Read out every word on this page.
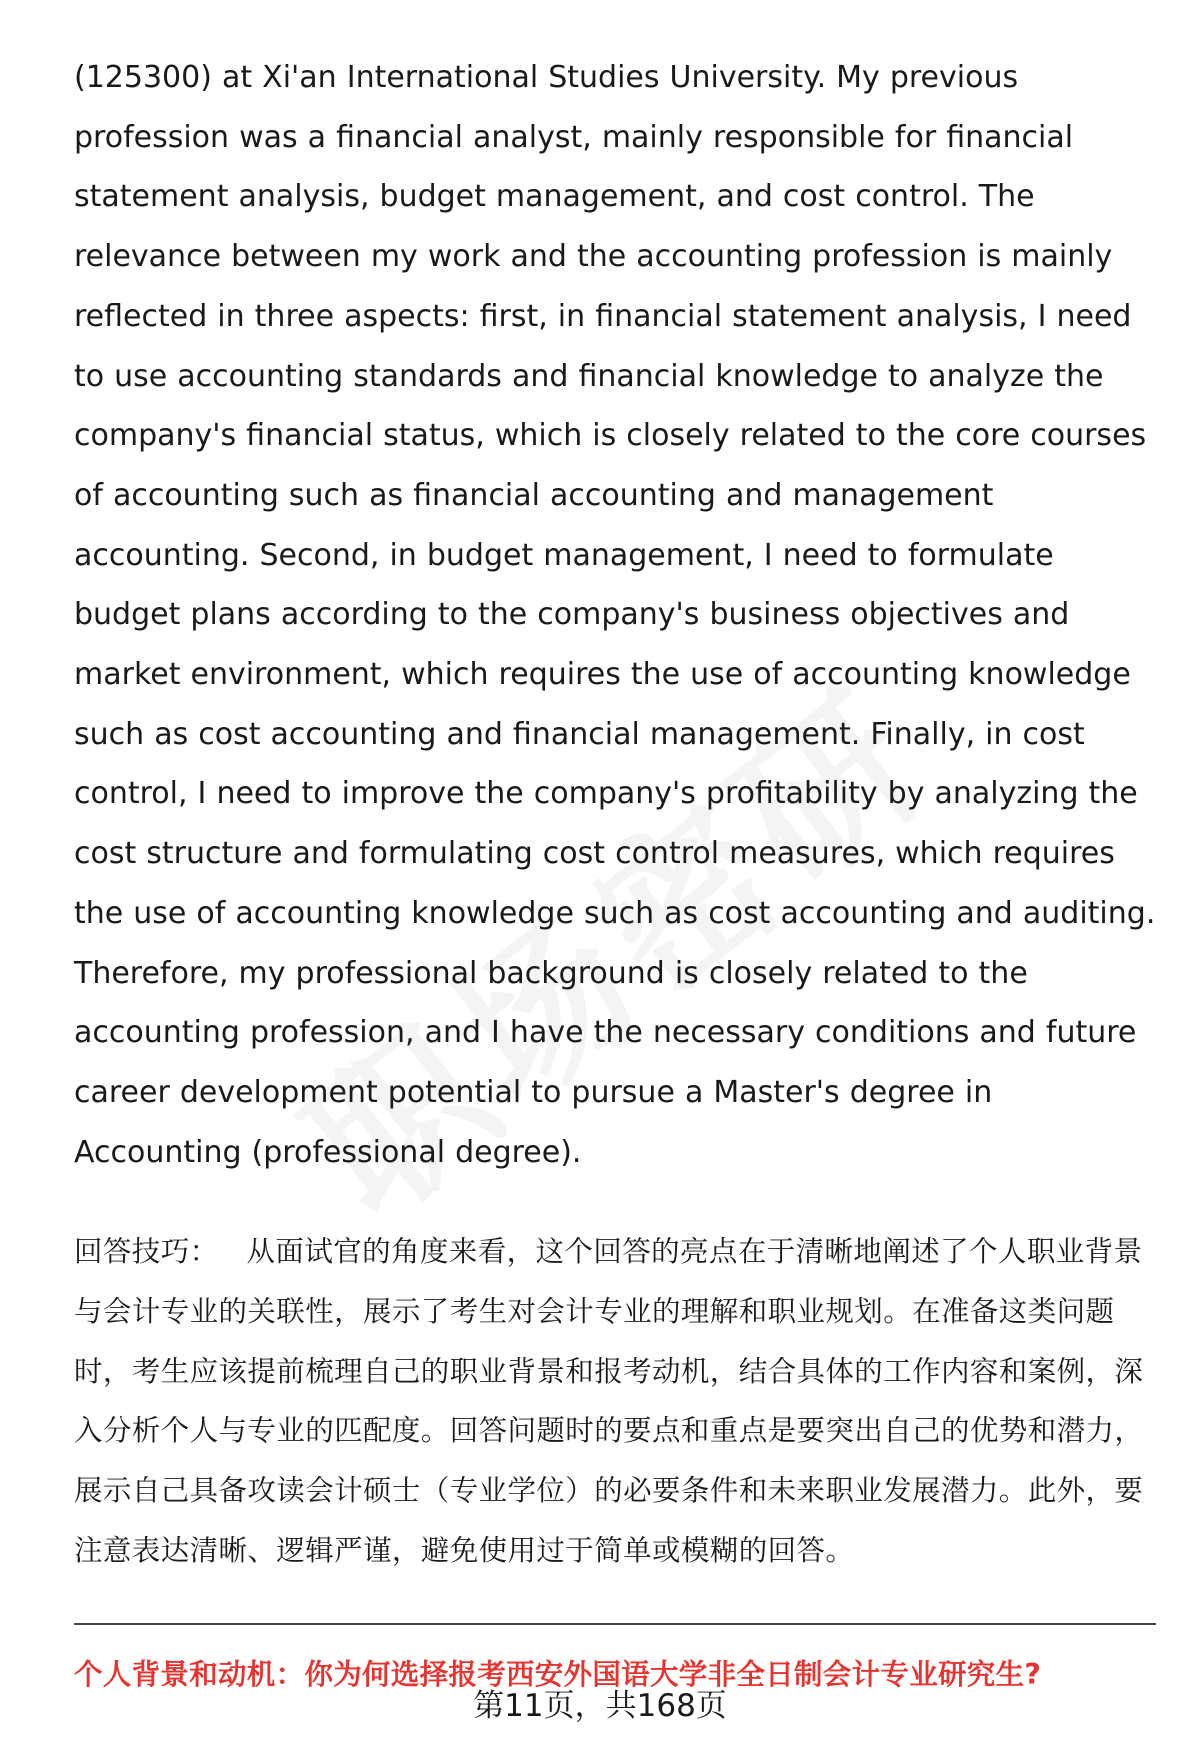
(125300) at Xi'an International Studies University. My previous profession was a financial analyst, mainly responsible for financial statement analysis, budget management, and cost control. The relevance between my work and the accounting profession is mainly reflected in three aspects: first, in financial statement analysis, I need to use accounting standards and financial knowledge to analyze the company's financial status, which is closely related to the core courses of accounting such as financial accounting and management accounting. Second, in budget management, I need to formulate budget plans according to the company's business objectives and market environment, which requires the use of accounting knowledge such as cost accounting and financial management. Finally, in cost control, I need to improve the company's profitability by analyzing the cost structure and formulating cost control measures, which requires the use of accounting knowledge such as cost accounting and auditing. Therefore, my professional background is closely related to the accounting profession, and I have the necessary conditions and future career development potential to pursue a Master's degree in Accounting (professional degree).

回答技巧： 从面试官的角度来看，这个回答的亮点在于清晰地阐述了个人职业背景与会计专业的关联性，展示了考生对会计专业的理解和职业规划。在准备这类问题时，考生应该提前梳理自己的职业背景和报考动机，结合具体的工作内容和案例，深入分析个人与专业的匹配度。回答问题时的要点和重点是要突出自己的优势和潜力，展示自己具备攻读会计硕士（专业学位）的必要条件和未来职业发展潜力。此外，要注意表达清晰、逻辑严谨，避免使用过于简单或模糊的回答。

个人背景和动机：你为何选择报考西安外国语大学非全日制会计专业研究生?
第11页，共168页
